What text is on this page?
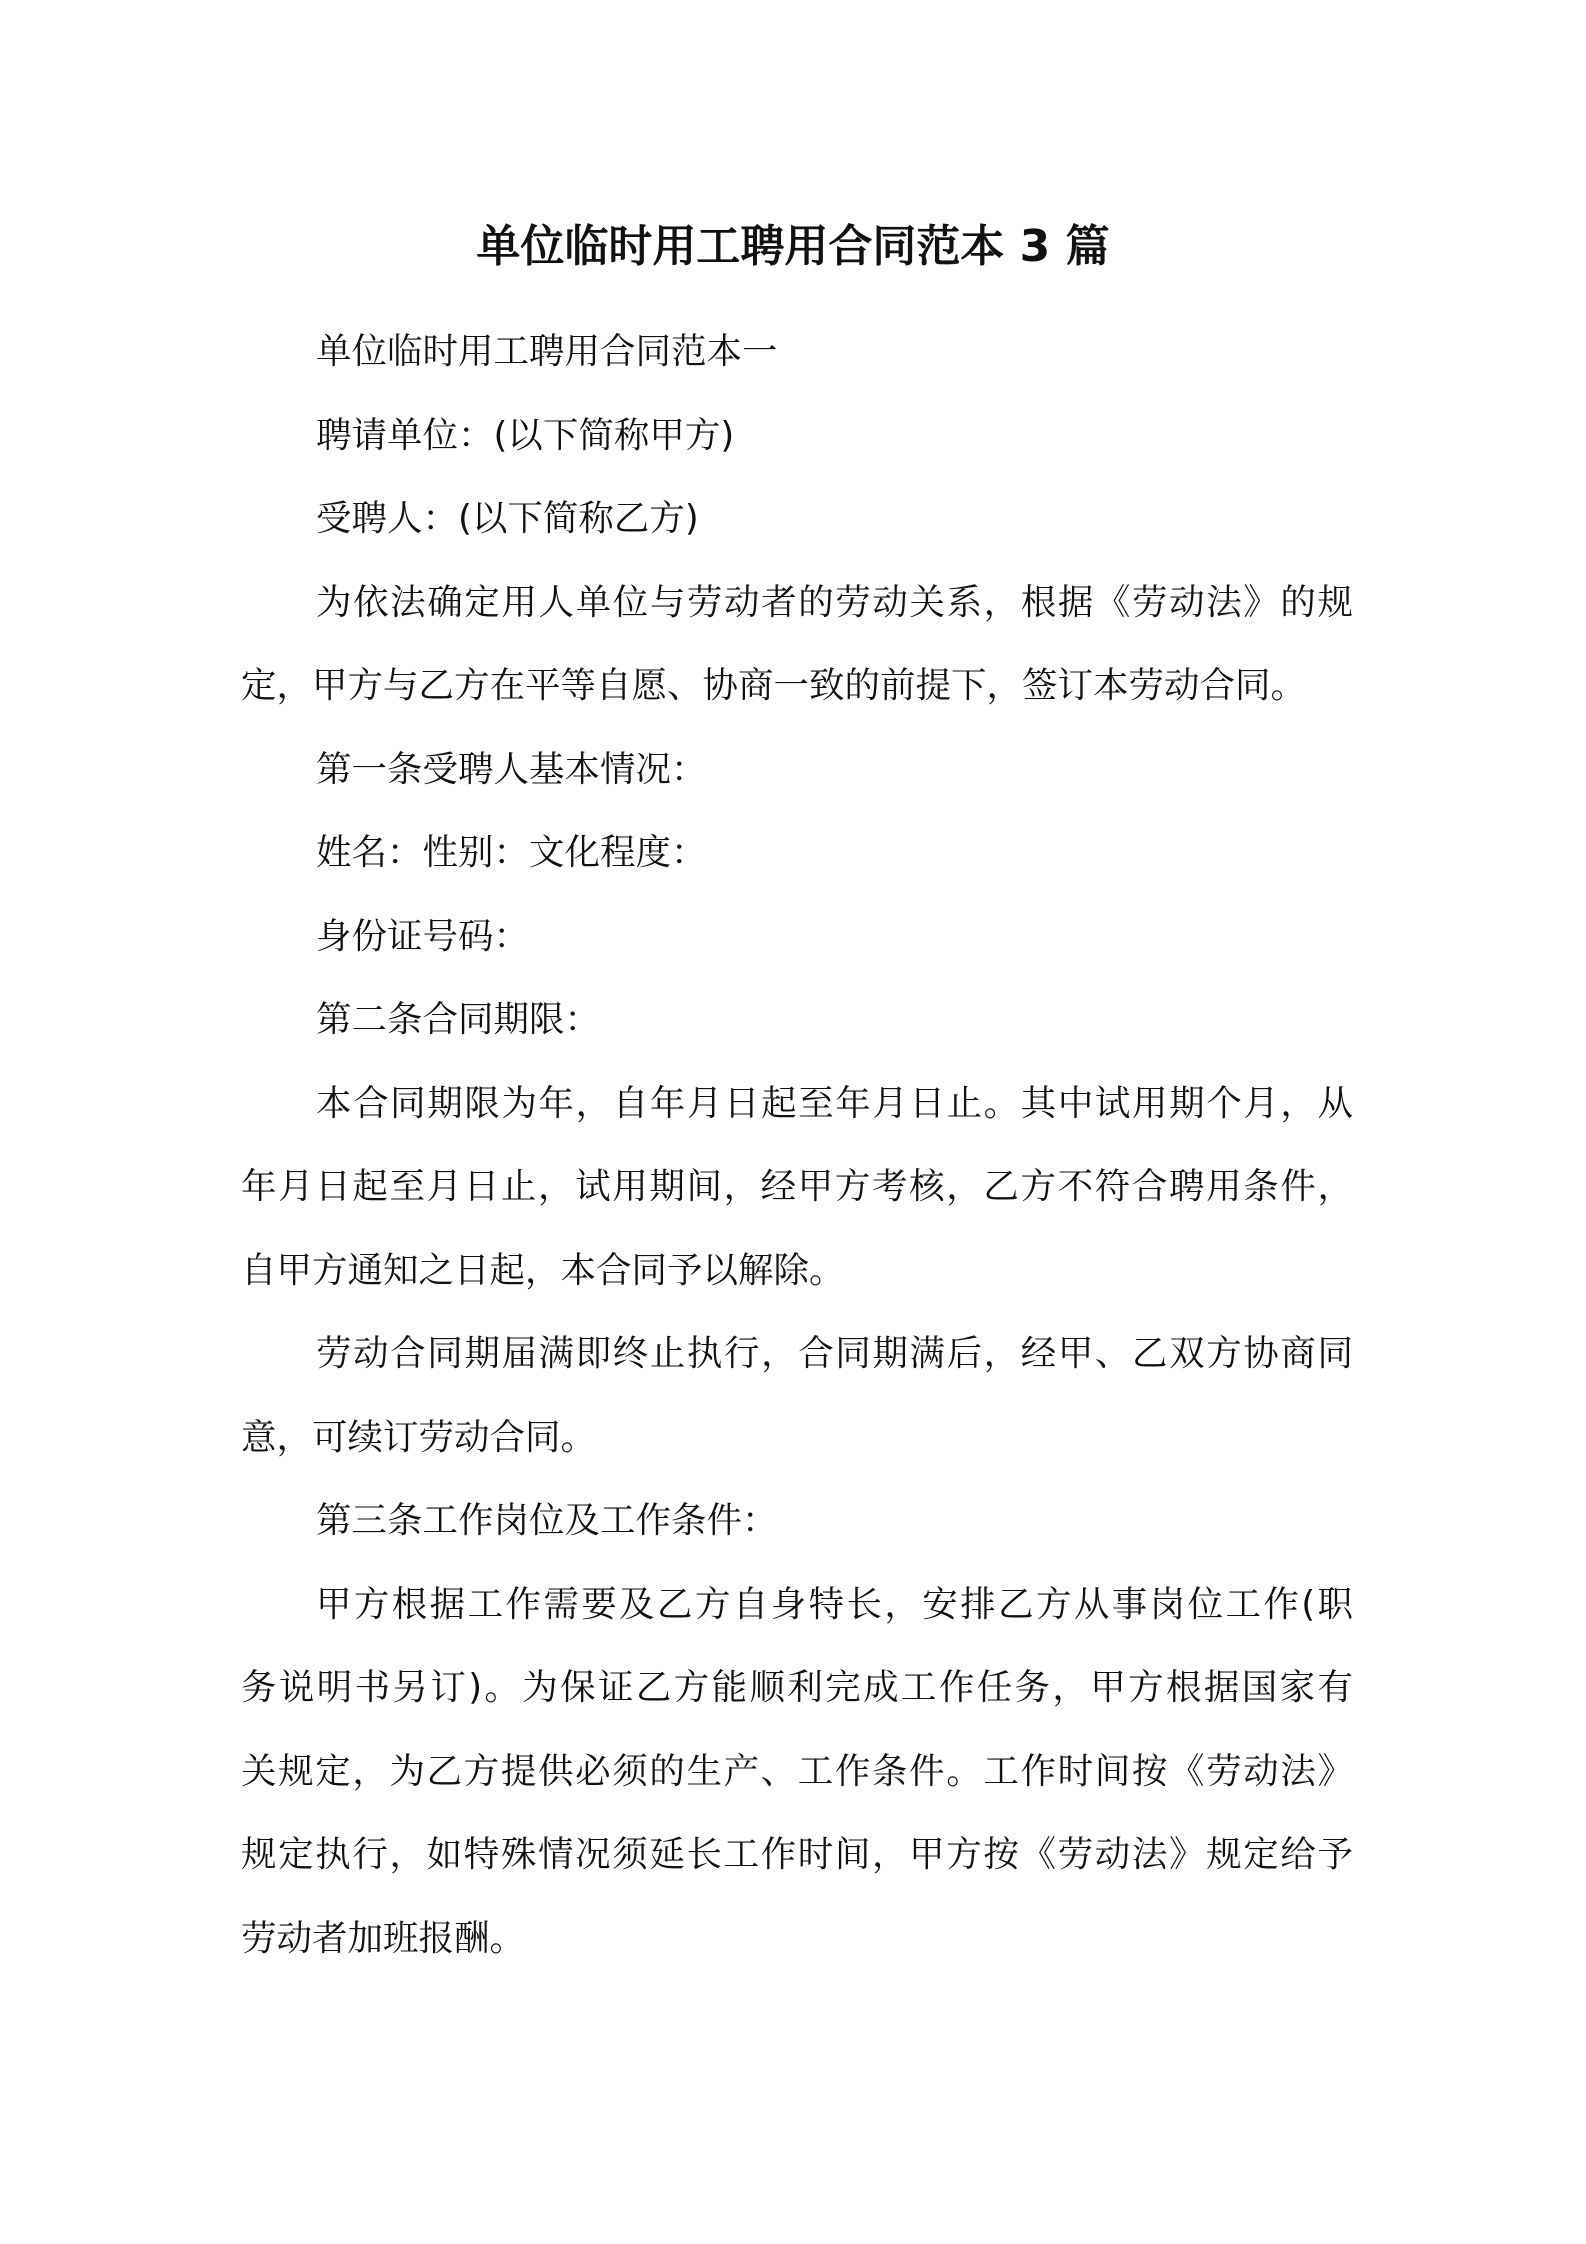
单位临时用工聘用合同范本 3 篇
单位临时用工聘用合同范本一
聘请单位：(以下简称甲方)
受聘人：(以下简称乙方)
为依法确定用人单位与劳动者的劳动关系，根据《劳动法》的规
定，甲方与乙方在平等自愿、协商一致的前提下，签订本劳动合同。
第一条受聘人基本情况：
姓名：性别：文化程度：
身份证号码：
第二条合同期限：
本合同期限为年，自年月日起至年月日止。其中试用期个月，从
年月日起至月日止，试用期间，经甲方考核，乙方不符合聘用条件，
自甲方通知之日起，本合同予以解除。
劳动合同期届满即终止执行，合同期满后，经甲、乙双方协商同
意，可续订劳动合同。
第三条工作岗位及工作条件：
甲方根据工作需要及乙方自身特长，安排乙方从事岗位工作(职
务说明书另订)。为保证乙方能顺利完成工作任务，甲方根据国家有
关规定，为乙方提供必须的生产、工作条件。工作时间按《劳动法》
规定执行，如特殊情况须延长工作时间，甲方按《劳动法》规定给予
劳动者加班报酬。
